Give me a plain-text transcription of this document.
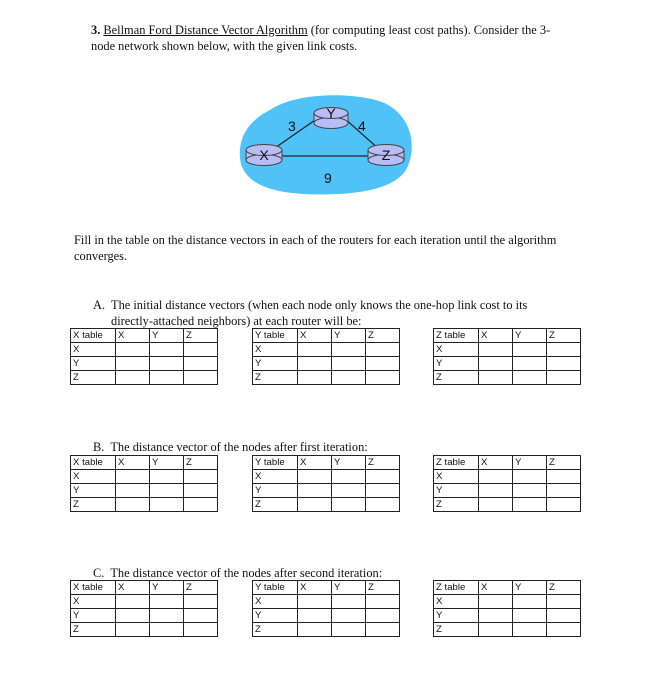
3. Bellman Ford Distance Vector Algorithm (for computing least cost paths). Consider the 3-
node network shown below, with the given link costs.
Y
X	Z
3	4
9
Fill in the table on the distance vectors in each of the routers for each iteration until the algorithm
converges.
A. The initial distance vectors (when each node only knows the one-hop link cost to its
directly-attached neighbors) at each router will be:
B. The distance vector of the nodes after first iteration:
C. The distance vector of the nodes after second iteration:
X table	X	Y	Z
X			
Y			
Z			
Y table	X	Y	Z
X			
Y			
Z			
Z table	X	Y	Z
X			
Y			
Z			
X table	X	Y	Z
X			
Y			
Z			
Y table	X	Y	Z
X			
Y			
Z			
Z table	X	Y	Z
X			
Y			
Z			
X table	X	Y	Z
X			
Y			
Z			
Y table	X	Y	Z
X			
Y			
Z			
Z table	X	Y	Z
X			
Y			
Z			
